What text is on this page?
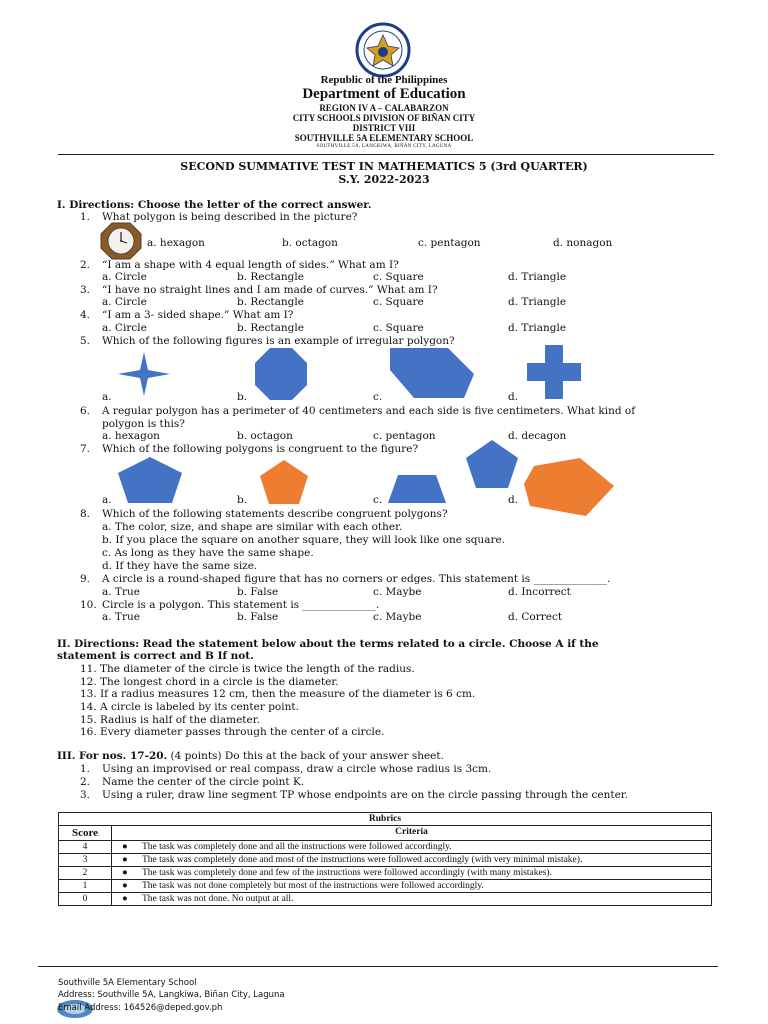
Republic of the Philippines
Department of Education
REGION IV A – CALABARZON
CITY SCHOOLS DIVISION OF BIÑAN CITY
DISTRICT VIII
SOUTHVILLE 5A ELEMENTARY SCHOOL
SOUTHVILLE 5A, LANGKIWA, BIÑAN CITY, LAGUNA
SECOND SUMMATIVE TEST IN MATHEMATICS 5 (3rd QUARTER)
S.Y. 2022-2023
I. Directions: Choose the letter of the correct answer.
1. What polygon is being described in the picture?
a. hexagon	b. octagon	c. pentagon	d. nonagon
2. “I am a shape with 4 equal length of sides.” What am I?
a. Circle	b. Rectangle	c. Square	d. Triangle
3. “I have no straight lines and I am made of curves.” What am I?
a. Circle	b. Rectangle	c. Square	d. Triangle
4. “I am a 3- sided shape.” What am I?
a. Circle	b. Rectangle	c. Square	d. Triangle
5. Which of the following figures is an example of irregular polygon?
a.	b.	c.	d.
6. A regular polygon has a perimeter of 40 centimeters and each side is five centimeters. What kind of
polygon is this?
a. hexagon	b. octagon	c. pentagon	d. decagon
7. Which of the following polygons is congruent to the figure?
a.	b.	c.	d.
8. Which of the following statements describe congruent polygons?
a. The color, size, and shape are similar with each other.
b. If you place the square on another square, they will look like one square.
c. As long as they have the same shape.
d. If they have the same size.
9. A circle is a round-shaped figure that has no corners or edges. This statement is ______________.
a. True	b. False	c. Maybe	d. Incorrect
10. Circle is a polygon. This statement is ______________.
a. True	b. False	c. Maybe	d. Correct
II. Directions: Read the statement below about the terms related to a circle. Choose A if the
statement is correct and B If not.
11. The diameter of the circle is twice the length of the radius.
12. The longest chord in a circle is the diameter.
13. If a radius measures 12 cm, then the measure of the diameter is 6 cm.
14. A circle is labeled by its center point.
15. Radius is half of the diameter.
16. Every diameter passes through the center of a circle.
III. For nos. 17-20. (4 points) Do this at the back of your answer sheet.
1. Using an improvised or real compass, draw a circle whose radius is 3cm.
2. Name the center of the circle point K.
3. Using a ruler, draw line segment TP whose endpoints are on the circle passing through the center.
Rubrics	
Score	Criteria
4	● The task was completely done and all the instructions were followed accordingly.
3	● The task was completely done and most of the instructions were followed accordingly (with very minimal mistake).
2	● The task was completely done and few of the instructions were followed accordingly (with many mistakes).
1	● The task was not done completely but most of the instructions were followed accordingly.
0	● The task was not done. No output at all.
Southville 5A Elementary School
Address: Southville 5A, Langkiwa, Biñan City, Laguna
Email Address: 164526@deped.gov.ph
